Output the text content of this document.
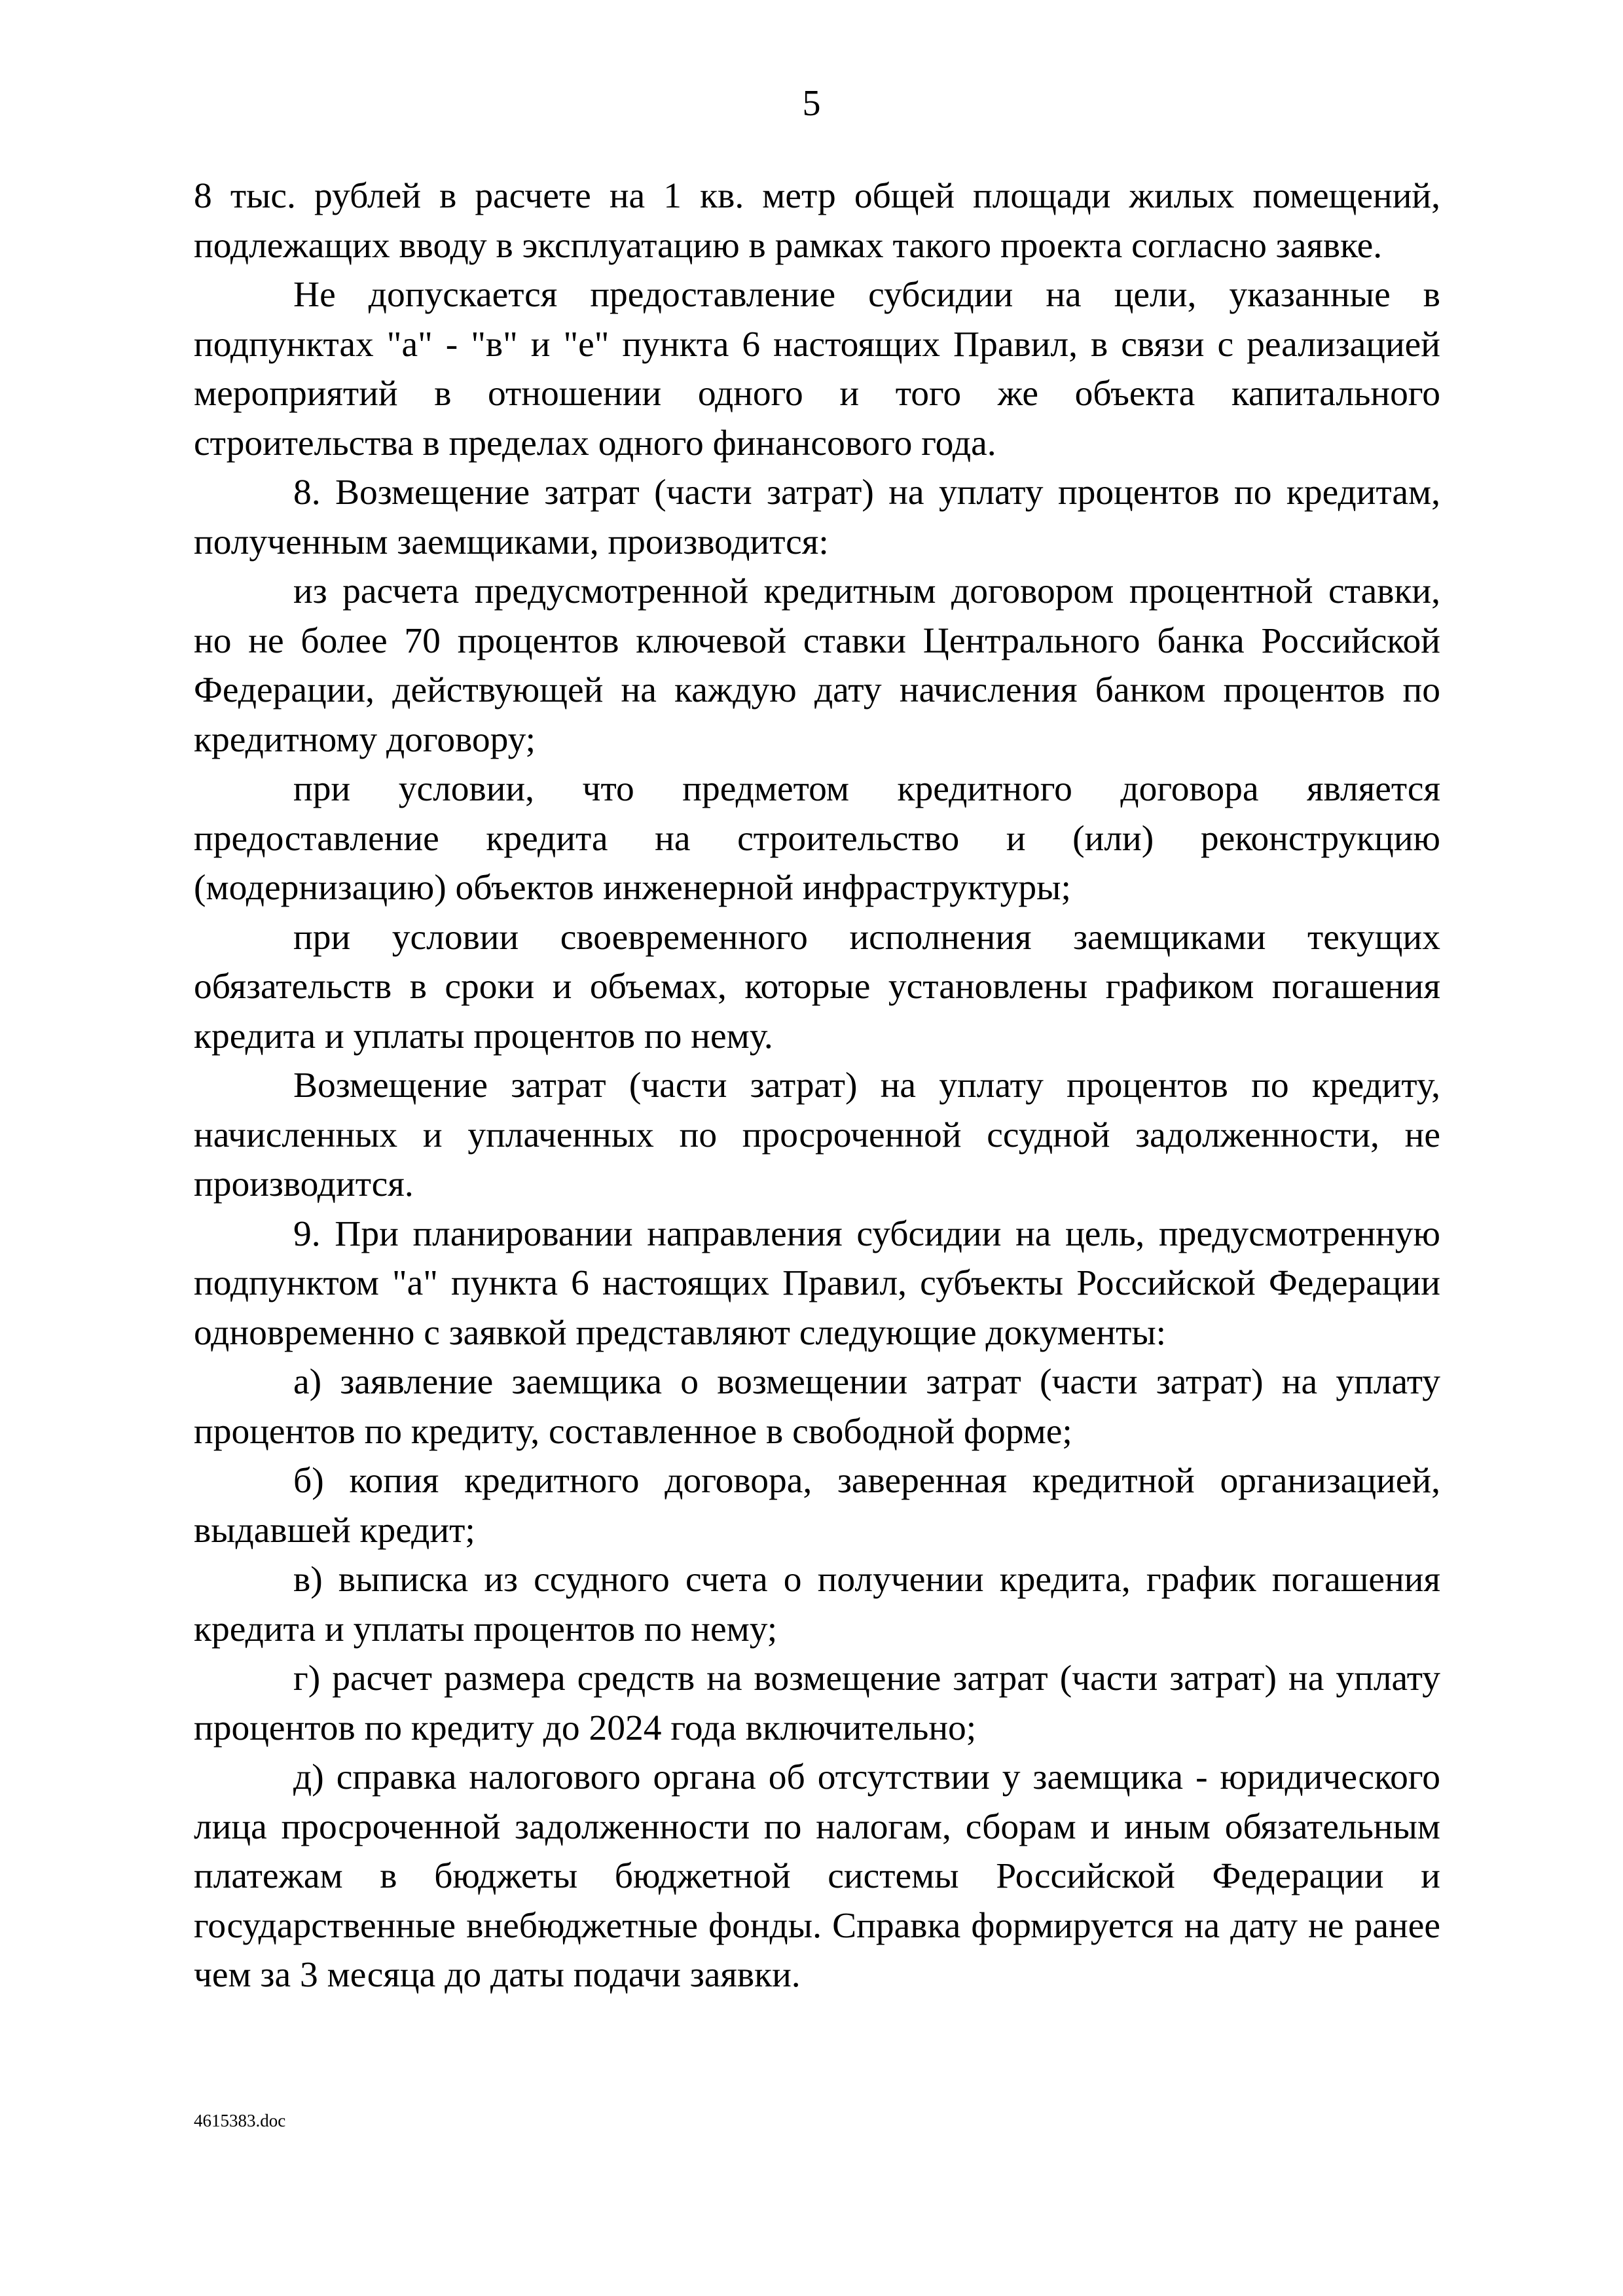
5

8 тыс. рублей в расчете на 1 кв. метр общей площади жилых помещений, подлежащих вводу в эксплуатацию в рамках такого проекта согласно заявке.

Не допускается предоставление субсидии на цели, указанные в подпунктах "а" - "в" и "е" пункта 6 настоящих Правил, в связи с реализацией мероприятий в отношении одного и того же объекта капитального строительства в пределах одного финансового года.

8. Возмещение затрат (части затрат) на уплату процентов по кредитам, полученным заемщиками, производится:

из расчета предусмотренной кредитным договором процентной ставки, но не более 70 процентов ключевой ставки Центрального банка Российской Федерации, действующей на каждую дату начисления банком процентов по кредитному договору;

при условии, что предметом кредитного договора является предоставление кредита на строительство и (или) реконструкцию (модернизацию) объектов инженерной инфраструктуры;

при условии своевременного исполнения заемщиками текущих обязательств в сроки и объемах, которые установлены графиком погашения кредита и уплаты процентов по нему.

Возмещение затрат (части затрат) на уплату процентов по кредиту, начисленных и уплаченных по просроченной ссудной задолженности, не производится.

9. При планировании направления субсидии на цель, предусмотренную подпунктом "а" пункта 6 настоящих Правил, субъекты Российской Федерации одновременно с заявкой представляют следующие документы:

а) заявление заемщика о возмещении затрат (части затрат) на уплату процентов по кредиту, составленное в свободной форме;

б) копия кредитного договора, заверенная кредитной организацией, выдавшей кредит;

в) выписка из ссудного счета о получении кредита, график погашения кредита и уплаты процентов по нему;

г) расчет размера средств на возмещение затрат (части затрат) на уплату процентов по кредиту до 2024 года включительно;

д) справка налогового органа об отсутствии у заемщика - юридического лица просроченной задолженности по налогам, сборам и иным обязательным платежам в бюджеты бюджетной системы Российской Федерации и государственные внебюджетные фонды. Справка формируется на дату не ранее чем за 3 месяца до даты подачи заявки.

4615383.doc
